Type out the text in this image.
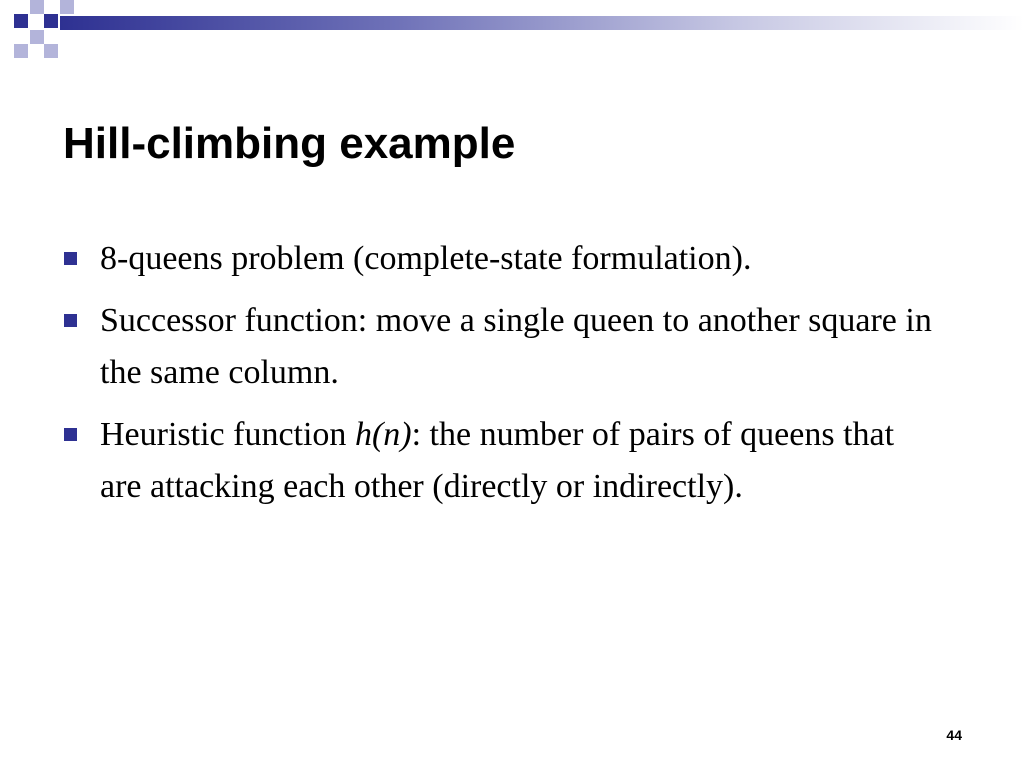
Hill-climbing example
8-queens problem (complete-state formulation).
Successor function: move a single queen to another square in the same column.
Heuristic function h(n): the number of pairs of queens that are attacking each other (directly or indirectly).
44
